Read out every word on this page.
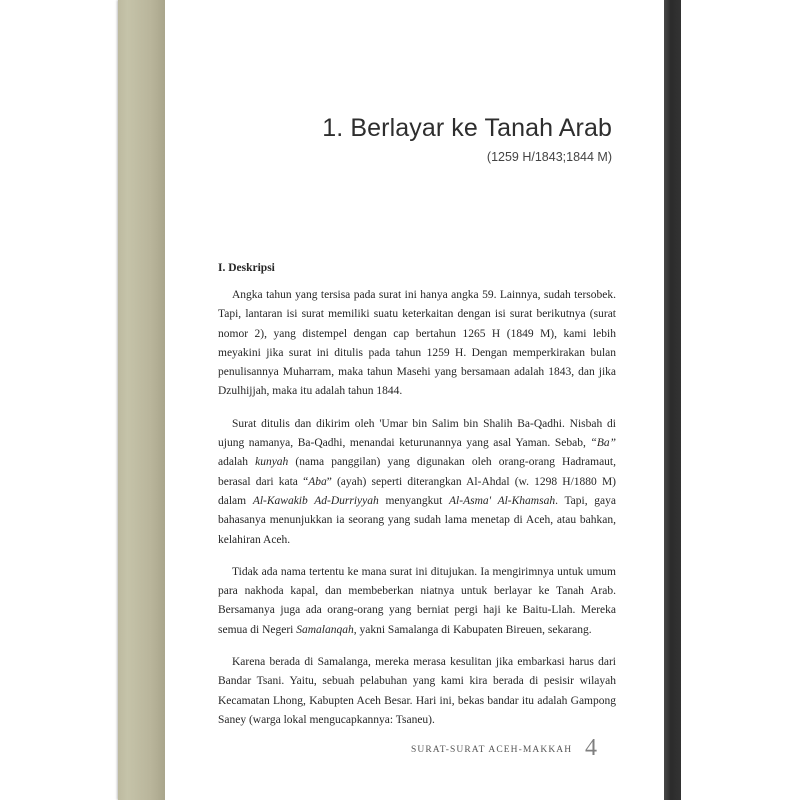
1. Berlayar ke Tanah Arab
(1259 H/1843;1844 M)
I. Deskripsi

Angka tahun yang tersisa pada surat ini hanya angka 59. Lainnya, sudah tersobek. Tapi, lantaran isi surat memiliki suatu keterkaitan dengan isi surat berikutnya (surat nomor 2), yang distempel dengan cap bertahun 1265 H (1849 M), kami lebih meyakini jika surat ini ditulis pada tahun 1259 H. Dengan memperkirakan bulan penulisannya Muharram, maka tahun Masehi yang bersamaan adalah 1843, dan jika Dzulhijjah, maka itu adalah tahun 1844.

Surat ditulis dan dikirim oleh 'Umar bin Salim bin Shalih Ba-Qadhi. Nisbah di ujung namanya, Ba-Qadhi, menandai keturunannya yang asal Yaman. Sebab, “Ba” adalah kunyah (nama panggilan) yang digunakan oleh orang-orang Hadramaut, berasal dari kata “Aba” (ayah) seperti diterangkan Al-Ahdal (w. 1298 H/1880 M) dalam Al-Kawakib Ad-Durriyyah menyangkut Al-Asma' Al-Khamsah. Tapi, gaya bahasanya menunjukkan ia seorang yang sudah lama menetap di Aceh, atau bahkan, kelahiran Aceh.

Tidak ada nama tertentu ke mana surat ini ditujukan. Ia mengirimnya untuk umum para nakhoda kapal, dan membeberkan niatnya untuk berlayar ke Tanah Arab. Bersamanya juga ada orang-orang yang berniat pergi haji ke Baitu-Llah. Mereka semua di Negeri Samalanqah, yakni Samalanga di Kabupaten Bireuen, sekarang.

Karena berada di Samalanga, mereka merasa kesulitan jika embarkasi harus dari Bandar Tsani. Yaitu, sebuah pelabuhan yang kami kira berada di pesisir wilayah Kecamatan Lhong, Kabupten Aceh Besar. Hari ini, bekas bandar itu adalah Gampong Saney (warga lokal mengucapkannya: Tsaneu).

SURAT-SURAT ACEH-MAKKAH 4
